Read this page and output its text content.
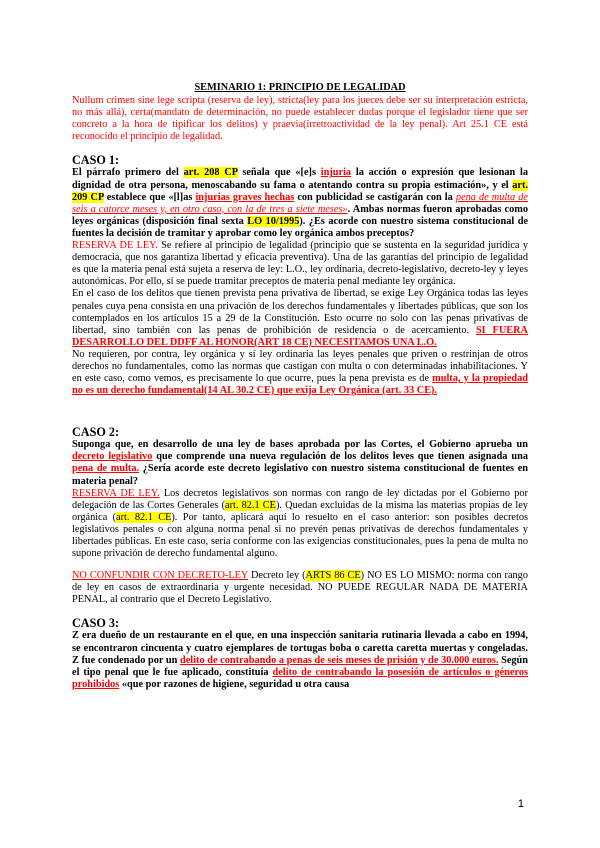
SEMINARIO 1: PRINCIPIO DE LEGALIDAD

Nullum crimen sine lege scripta (reserva de ley), stricta(ley para los jueces debe ser su interpretación estricta, no más allá), certa(mandato de determinación, no puede establecer dudas porque el legislador tiene que ser concreto a la hora de tipificar los delitos) y praevia(irretroactividad de la ley penal). Art 25.1 CE está reconocido el principio de legalidad.

CASO 1:

El párrafo primero del art. 208 CP señala que «[e]s injuria la acción o expresión que lesionan la dignidad de otra persona, menoscabando su fama o atentando contra su propia estimación», y el art. 209 CP establece que «[l]as injurias graves hechas con publicidad se castigarán con la pena de multa de seis a catorce meses y, en otro caso, con la de tres a siete meses». Ambas normas fueron aprobadas como leyes orgánicas (disposición final sexta LO 10/1995). ¿Es acorde con nuestro sistema constitucional de fuentes la decisión de tramitar y aprobar como ley orgánica ambos preceptos?

RESERVA DE LEY. Se refiere al principio de legalidad (principio que se sustenta en la seguridad jurídica y democracia, que nos garantiza libertad y eficacia preventiva). Una de las garantías del principio de legalidad es que la materia penal está sujeta a reserva de ley: L.O., ley ordinaria, decreto-legislativo, decreto-ley y leyes autonómicas. Por ello, sí se puede tramitar preceptos de materia penal mediante ley orgánica.

En el caso de los delitos que tienen prevista pena privativa de libertad, se exige Ley Orgánica todas las leyes penales cuya pena consista en una privación de los derechos fundamentales y libertades públicas, que son los contemplados en los artículos 15 a 29 de la Constitución. Esto ocurre no solo con las penas privativas de libertad, sino también con las penas de prohibición de residencia o de acercamiento. SI FUERA DESARROLLO DEL DDFF AL HONOR(ART 18 CE) NECESITAMOS UNA L.O.

No requieren, por contra, ley orgánica y sí ley ordinaria las leyes penales que priven o restrinjan de otros derechos no fundamentales, como las normas que castigan con multa o con determinadas inhabilitaciones. Y en este caso, como vemos, es precisamente lo que ocurre, pues la pena prevista es de multa, y la propiedad no es un derecho fundamental(14 AL 30.2 CE) que exija Ley Orgánica (art. 33 CE).

CASO 2:

Suponga que, en desarrollo de una ley de bases aprobada por las Cortes, el Gobierno aprueba un decreto legislativo que comprende una nueva regulación de los delitos leves que tienen asignada una pena de multa. ¿Sería acorde este decreto legislativo con nuestro sistema constitucional de fuentes en materia penal?

RESERVA DE LEY. Los decretos legislativos son normas con rango de ley dictadas por el Gobierno por delegación de las Cortes Generales (art. 82.1 CE). Quedan excluidas de la misma las materias propias de ley orgánica (art. 82.1 CE). Por tanto, aplicará aquí lo resuelto en el caso anterior: son posibles decretos legislativos penales o con alguna norma penal si no prevén penas privativas de derechos fundamentales y libertades públicas. En este caso, sería conforme con las exigencias constitucionales, pues la pena de multa no supone privación de derecho fundamental alguno.

NO CONFUNDIR CON DECRETO-LEY Decreto ley (ARTS 86 CE) NO ES LO MISMO: norma con rango de ley en casos de extraordinaria y urgente necesidad. NO PUEDE REGULAR NADA DE MATERIA PENAL, al contrario que el Decreto Legislativo.

CASO 3:

Z era dueño de un restaurante en el que, en una inspección sanitaria rutinaria llevada a cabo en 1994, se encontraron cincuenta y cuatro ejemplares de tortugas boba o caretta caretta muertas y congeladas. Z fue condenado por un delito de contrabando a penas de seis meses de prisión y de 30.000 euros. Según el tipo penal que le fue aplicado, constituía delito de contrabando la posesión de artículos o géneros prohibidos «que por razones de higiene, seguridad u otra causa

1
